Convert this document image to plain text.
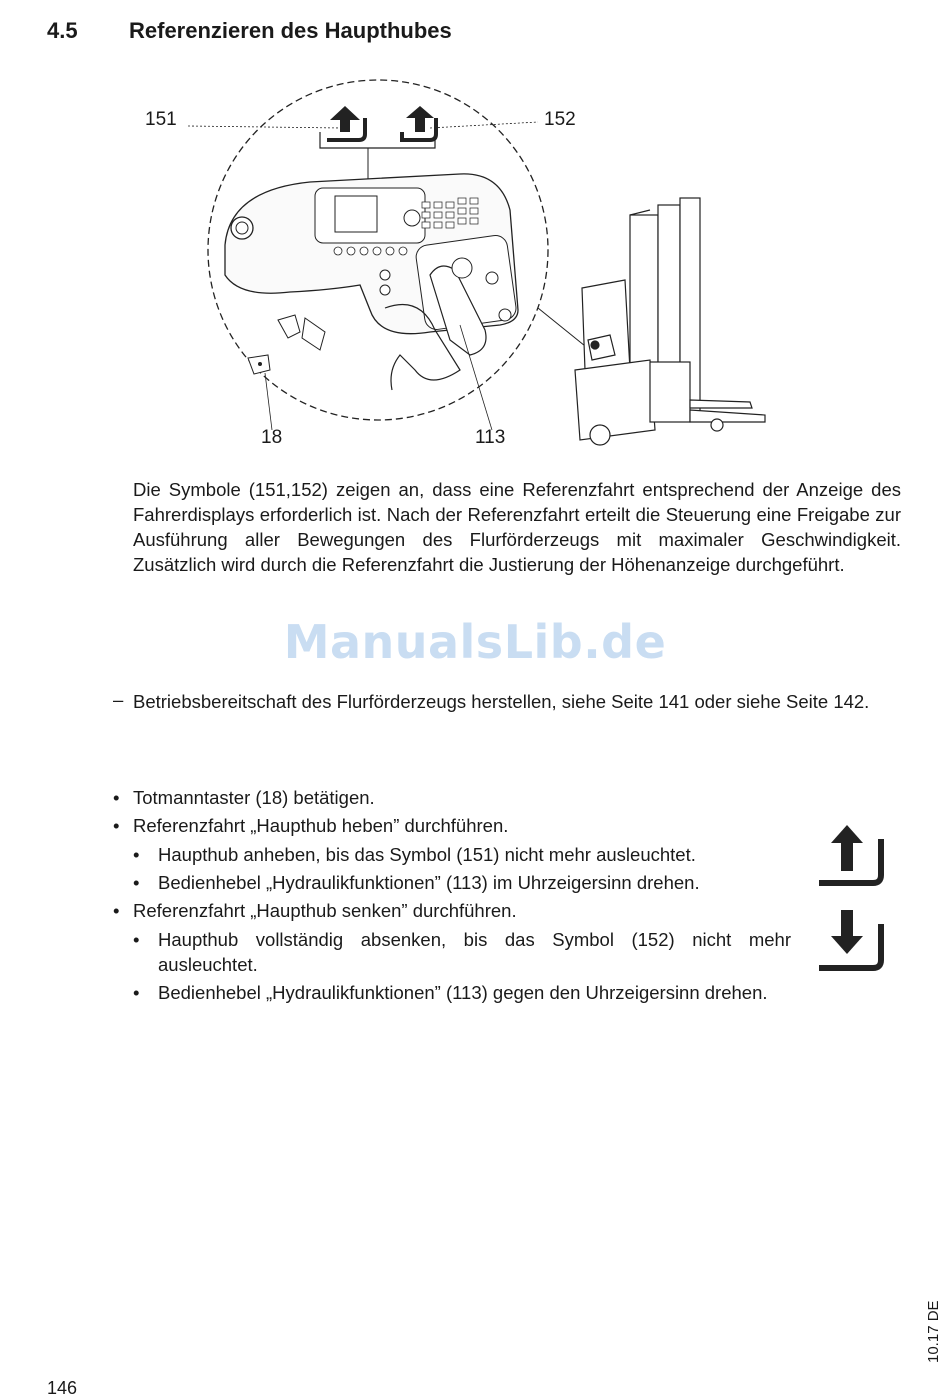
4.5 Referenzieren des Haupthubes
151	152
18	113
Die Symbole (151,152) zeigen an, dass eine Referenzfahrt entsprechend der Anzeige des Fahrerdisplays erforderlich ist. Nach der Referenzfahrt erteilt die Steuerung eine Freigabe zur Ausführung aller Bewegungen des Flurförderzeugs mit maximaler Geschwindigkeit. Zusätzlich wird durch die Referenzfahrt die Justierung der Höhenanzeige durchgeführt.
ManualsLib.de
– Betriebsbereitschaft des Flurförderzeugs herstellen, siehe Seite 141 oder siehe Seite 142.
• Totmanntaster (18) betätigen.
• Referenzfahrt „Haupthub heben” durchführen.
• Haupthub anheben, bis das Symbol (151) nicht mehr ausleuchtet.
• Bedienhebel „Hydraulikfunktionen” (113) im Uhrzeigersinn drehen.
• Referenzfahrt „Haupthub senken” durchführen.
• Haupthub vollständig absenken, bis das Symbol (152) nicht mehr ausleuchtet.
• Bedienhebel „Hydraulikfunktionen” (113) gegen den Uhrzeigersinn drehen.
10.17 DE
146
